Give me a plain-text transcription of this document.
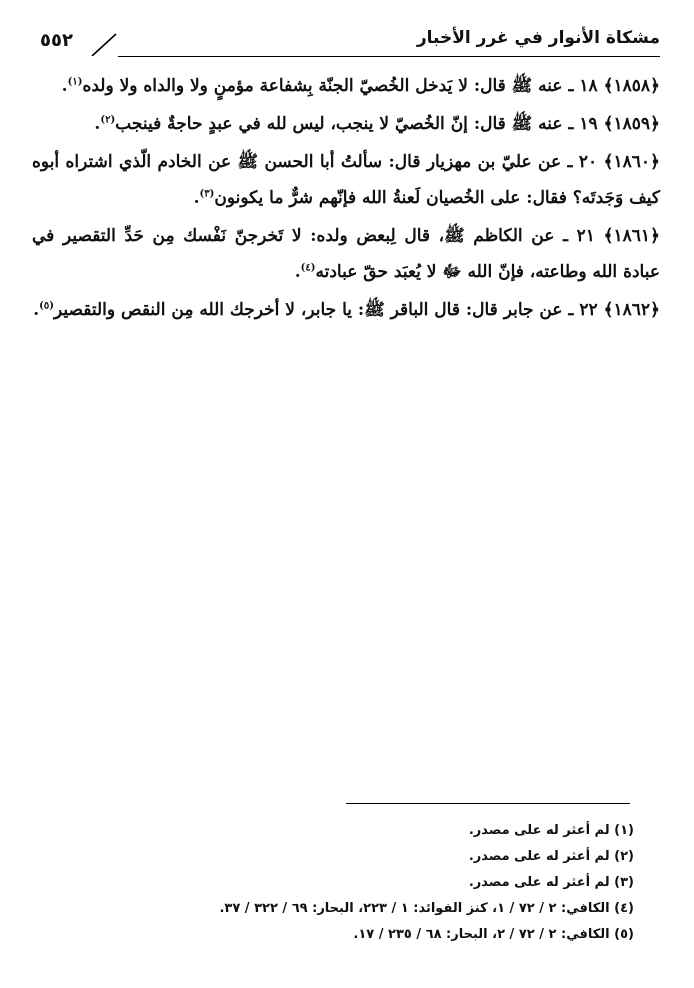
مشكاة الأنوار في غرر الأخبار
٥٥٢

﴿١٨٥٨﴾ ١٨ ـ عنه ﷺ قال: لا يَدخل الخُصيّ الجنّة بِشفاعة مؤمنٍ ولا والداه ولا ولده$^{(١)}$.

﴿١٨٥٩﴾ ١٩ ـ عنه ﷺ قال: إنّ الخُصيّ لا ينجب، ليس لله في عبدٍ حاجةٌ فينجب$^{(٢)}$.

﴿١٨٦٠﴾ ٢٠ ـ عن عليّ بن مهزيار قال: سألتُ أبا الحسن ﷺ عن الخادم الّذي اشتراه أبوه كيف وَجَدتَه؟ فقال: على الخُصيان لَعنةُ الله فإنّهم شرٌّ ما يكونون$^{(٣)}$.

﴿١٨٦١﴾ ٢١ ـ عن الكاظم ﷺ، قال لِبعض ولده: لا تَخرجنّ نَفْسك مِن حَدِّ التقصير في عبادة الله وطاعته، فإنّ الله ﷻ لا يُعبَد حقّ عبادته$^{(٤)}$.

﴿١٨٦٢﴾ ٢٢ ـ عن جابر قال: قال الباقر ﷺ: يا جابر، لا أخرجك الله مِن النقص والتقصير$^{(٥)}$.

(١) لم أعثر له على مصدر.
(٢) لم أعثر له على مصدر.
(٣) لم أعثر له على مصدر.
(٤) الكافي: ٢ / ٧٢ / ١، كنز الفوائد: ١ / ٢٢٣، البحار: ٦٩ / ٣٢٢ / ٣٧.
(٥) الكافي: ٢ / ٧٢ / ٢، البحار: ٦٨ / ٢٣٥ / ١٧.
